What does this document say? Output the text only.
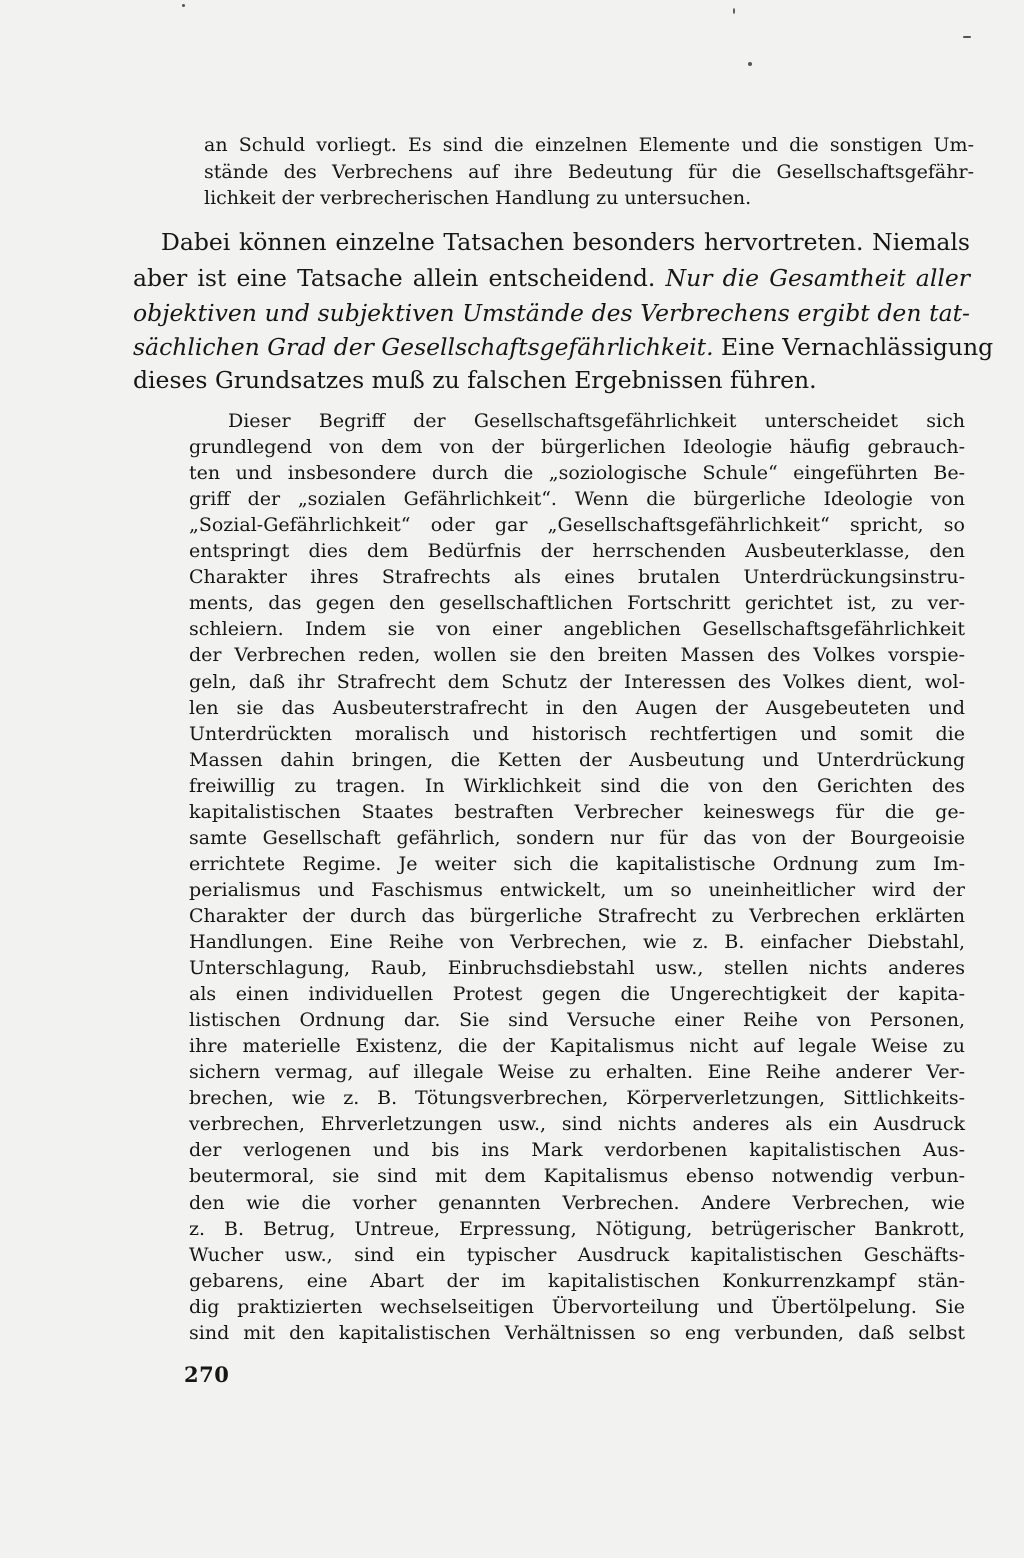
an Schuld vorliegt. Es sind die einzelnen Elemente und die sonstigen Um-
stände des Verbrechens auf ihre Bedeutung für die Gesellschaftsgefähr-
lichkeit der verbrecherischen Handlung zu untersuchen.
Dabei können einzelne Tatsachen besonders hervortreten. Niemals
aber ist eine Tatsache allein entscheidend. Nur die Gesamtheit aller
objektiven und subjektiven Umstände des Verbrechens ergibt den tat-
sächlichen Grad der Gesellschaftsgefährlichkeit. Eine Vernachlässigung
dieses Grundsatzes muß zu falschen Ergebnissen führen.
Dieser Begriff der Gesellschaftsgefährlichkeit unterscheidet sich
grundlegend von dem von der bürgerlichen Ideologie häufig gebrauch-
ten und insbesondere durch die „soziologische Schule“ eingeführten Be-
griff der „sozialen Gefährlichkeit“. Wenn die bürgerliche Ideologie von
„Sozial-Gefährlichkeit“ oder gar „Gesellschaftsgefährlichkeit“ spricht, so
entspringt dies dem Bedürfnis der herrschenden Ausbeuterklasse, den
Charakter ihres Strafrechts als eines brutalen Unterdrückungsinstru-
ments, das gegen den gesellschaftlichen Fortschritt gerichtet ist, zu ver-
schleiern. Indem sie von einer angeblichen Gesellschaftsgefährlichkeit
der Verbrechen reden, wollen sie den breiten Massen des Volkes vorspie-
geln, daß ihr Strafrecht dem Schutz der Interessen des Volkes dient, wol-
len sie das Ausbeuterstrafrecht in den Augen der Ausgebeuteten und
Unterdrückten moralisch und historisch rechtfertigen und somit die
Massen dahin bringen, die Ketten der Ausbeutung und Unterdrückung
freiwillig zu tragen. In Wirklichkeit sind die von den Gerichten des
kapitalistischen Staates bestraften Verbrecher keineswegs für die ge-
samte Gesellschaft gefährlich, sondern nur für das von der Bourgeoisie
errichtete Regime. Je weiter sich die kapitalistische Ordnung zum Im-
perialismus und Faschismus entwickelt, um so uneinheitlicher wird der
Charakter der durch das bürgerliche Strafrecht zu Verbrechen erklärten
Handlungen. Eine Reihe von Verbrechen, wie z. B. einfacher Diebstahl,
Unterschlagung, Raub, Einbruchsdiebstahl usw., stellen nichts anderes
als einen individuellen Protest gegen die Ungerechtigkeit der kapita-
listischen Ordnung dar. Sie sind Versuche einer Reihe von Personen,
ihre materielle Existenz, die der Kapitalismus nicht auf legale Weise zu
sichern vermag, auf illegale Weise zu erhalten. Eine Reihe anderer Ver-
brechen, wie z. B. Tötungsverbrechen, Körperverletzungen, Sittlichkeits-
verbrechen, Ehrverletzungen usw., sind nichts anderes als ein Ausdruck
der verlogenen und bis ins Mark verdorbenen kapitalistischen Aus-
beutermoral, sie sind mit dem Kapitalismus ebenso notwendig verbun-
den wie die vorher genannten Verbrechen. Andere Verbrechen, wie
z. B. Betrug, Untreue, Erpressung, Nötigung, betrügerischer Bankrott,
Wucher usw., sind ein typischer Ausdruck kapitalistischen Geschäfts-
gebarens, eine Abart der im kapitalistischen Konkurrenzkampf stän-
dig praktizierten wechselseitigen Übervorteilung und Übertölpelung. Sie
sind mit den kapitalistischen Verhältnissen so eng verbunden, daß selbst
270
